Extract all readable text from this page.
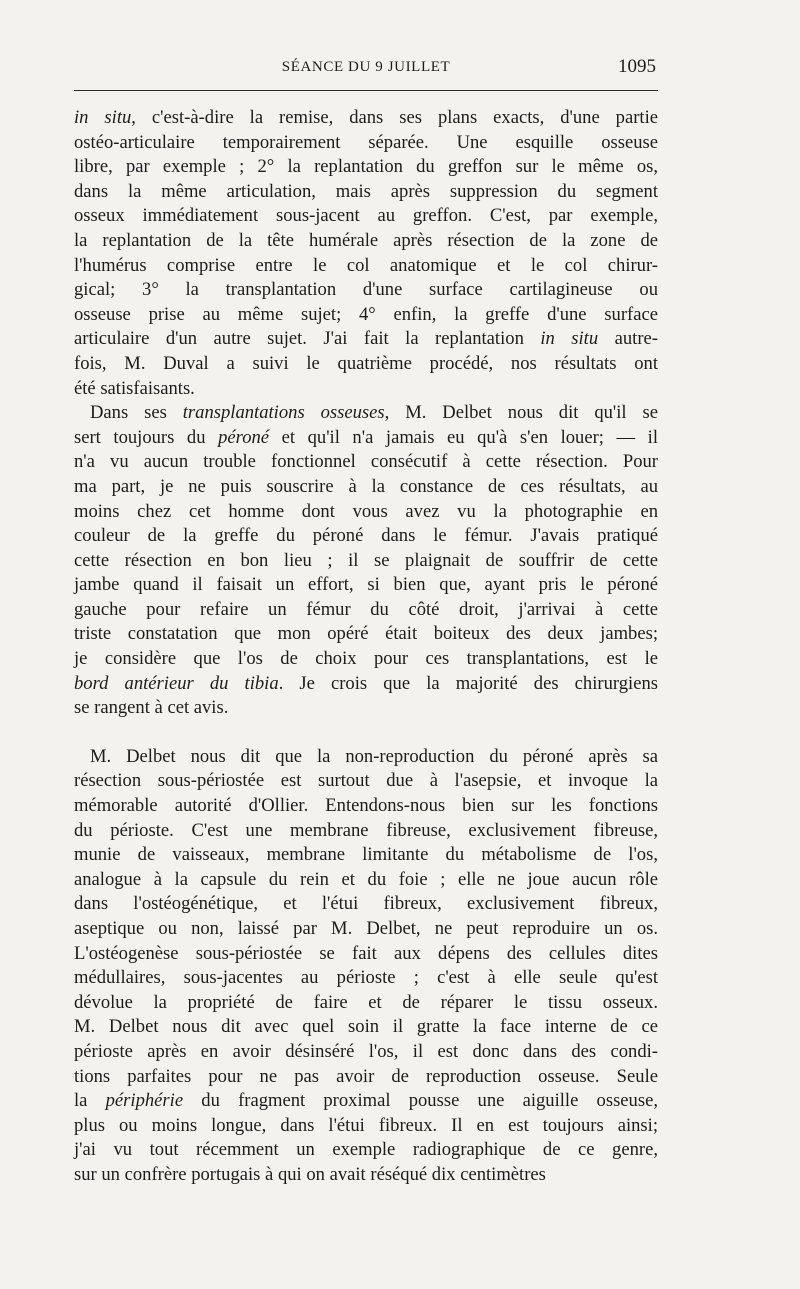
SÉANCE DU 9 JUILLET	1095
in situ, c'est-à-dire la remise, dans ses plans exacts, d'une partie
ostéo-articulaire temporairement séparée. Une esquille osseuse
libre, par exemple ; 2° la replantation du greffon sur le même os,
dans la même articulation, mais après suppression du segment
osseux immédiatement sous-jacent au greffon. C'est, par exemple,
la replantation de la tête humérale après résection de la zone de
l'humérus comprise entre le col anatomique et le col chirur-
gical; 3° la transplantation d'une surface cartilagineuse ou
osseuse prise au même sujet; 4° enfin, la greffe d'une surface
articulaire d'un autre sujet. J'ai fait la replantation in situ autre-
fois, M. Duval a suivi le quatrième procédé, nos résultats ont
été satisfaisants.
Dans ses transplantations osseuses, M. Delbet nous dit qu'il se
sert toujours du péroné et qu'il n'a jamais eu qu'à s'en louer; — il
n'a vu aucun trouble fonctionnel consécutif à cette résection. Pour
ma part, je ne puis souscrire à la constance de ces résultats, au
moins chez cet homme dont vous avez vu la photographie en
couleur de la greffe du péroné dans le fémur. J'avais pratiqué
cette résection en bon lieu ; il se plaignait de souffrir de cette
jambe quand il faisait un effort, si bien que, ayant pris le péroné
gauche pour refaire un fémur du côté droit, j'arrivai à cette
triste constatation que mon opéré était boiteux des deux jambes;
je considère que l'os de choix pour ces transplantations, est le
bord antérieur du tibia. Je crois que la majorité des chirurgiens
se rangent à cet avis.
M. Delbet nous dit que la non-reproduction du péroné après sa
résection sous-périostée est surtout due à l'asepsie, et invoque la
mémorable autorité d'Ollier. Entendons-nous bien sur les fonctions
du périoste. C'est une membrane fibreuse, exclusivement fibreuse,
munie de vaisseaux, membrane limitante du métabolisme de l'os,
analogue à la capsule du rein et du foie ; elle ne joue aucun rôle
dans l'ostéogénétique, et l'étui fibreux, exclusivement fibreux,
aseptique ou non, laissé par M. Delbet, ne peut reproduire un os.
L'ostéogenèse sous-périostée se fait aux dépens des cellules dites
médullaires, sous-jacentes au périoste ; c'est à elle seule qu'est
dévolue la propriété de faire et de réparer le tissu osseux.
M. Delbet nous dit avec quel soin il gratte la face interne de ce
périoste après en avoir désinséré l'os, il est donc dans des condi-
tions parfaites pour ne pas avoir de reproduction osseuse. Seule
la périphérie du fragment proximal pousse une aiguille osseuse,
plus ou moins longue, dans l'étui fibreux. Il en est toujours ainsi;
j'ai vu tout récemment un exemple radiographique de ce genre,
sur un confrère portugais à qui on avait réséqué dix centimètres
